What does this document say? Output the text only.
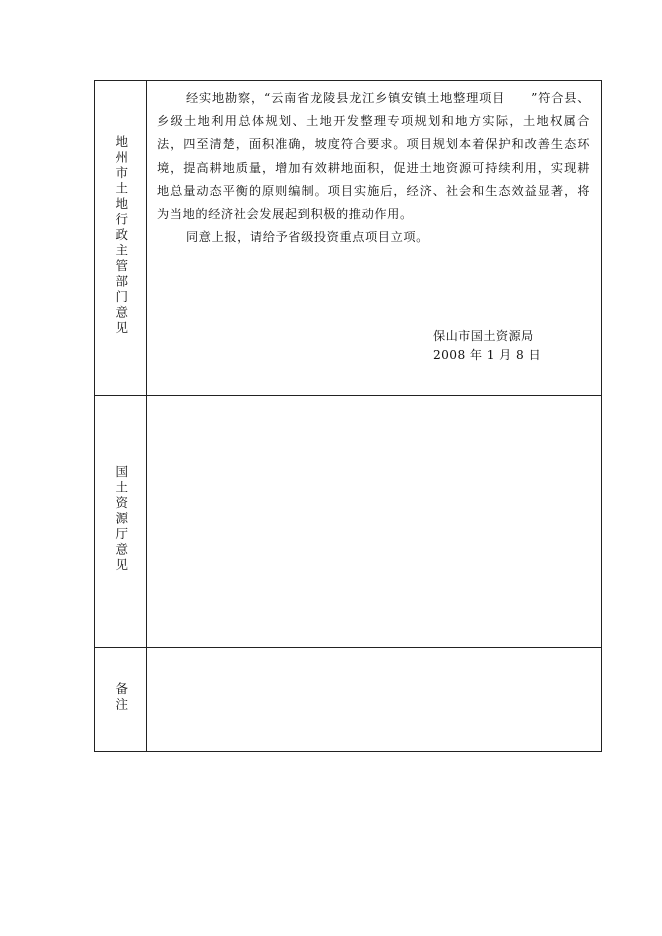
地州市土地行政主管部门意见	经实地勘察，“云南省龙陵县龙江乡镇安镇土地整理项目　　”符合县、乡级土地利用总体规划、土地开发整理专项规划和地方实际，土地权属合法，四至清楚，面积准确，坡度符合要求。项目规划本着保护和改善生态环境，提高耕地质量，增加有效耕地面积，促进土地资源可持续利用，实现耕地总量动态平衡的原则编制。项目实施后，经济、社会和生态效益显著，将为当地的经济社会发展起到积极的推动作用。

同意上报，请给予省级投资重点项目立项。

保山市国土资源局
2008 年 1 月 8 日

国土资源厅意见	
备注	
